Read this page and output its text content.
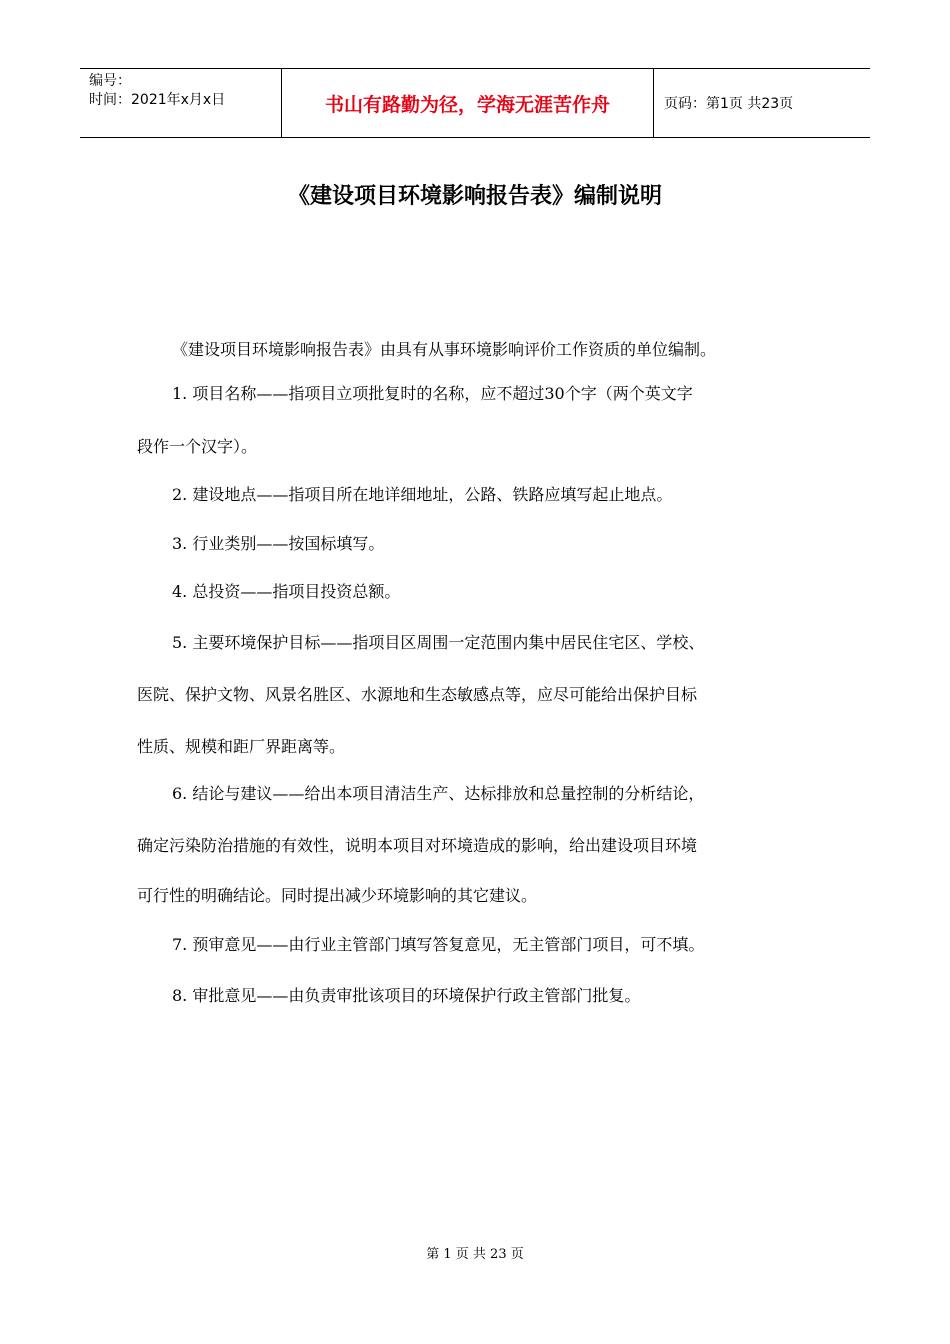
编号：
时间：2021年x月x日	书山有路勤为径，学海无涯苦作舟	页码：第1页 共23页
《建设项目环境影响报告表》编制说明
《建设项目环境影响报告表》由具有从事环境影响评价工作资质的单位编制。
1. 项目名称——指项目立项批复时的名称，应不超过30个字（两个英文字
段作一个汉字）。
2. 建设地点——指项目所在地详细地址，公路、铁路应填写起止地点。
3. 行业类别——按国标填写。
4. 总投资——指项目投资总额。
5. 主要环境保护目标——指项目区周围一定范围内集中居民住宅区、学校、
医院、保护文物、风景名胜区、水源地和生态敏感点等，应尽可能给出保护目标
性质、规模和距厂界距离等。
6. 结论与建议——给出本项目清洁生产、达标排放和总量控制的分析结论，
确定污染防治措施的有效性，说明本项目对环境造成的影响，给出建设项目环境
可行性的明确结论。同时提出减少环境影响的其它建议。
7. 预审意见——由行业主管部门填写答复意见，无主管部门项目，可不填。
8. 审批意见——由负责审批该项目的环境保护行政主管部门批复。
第 1 页 共 23 页
